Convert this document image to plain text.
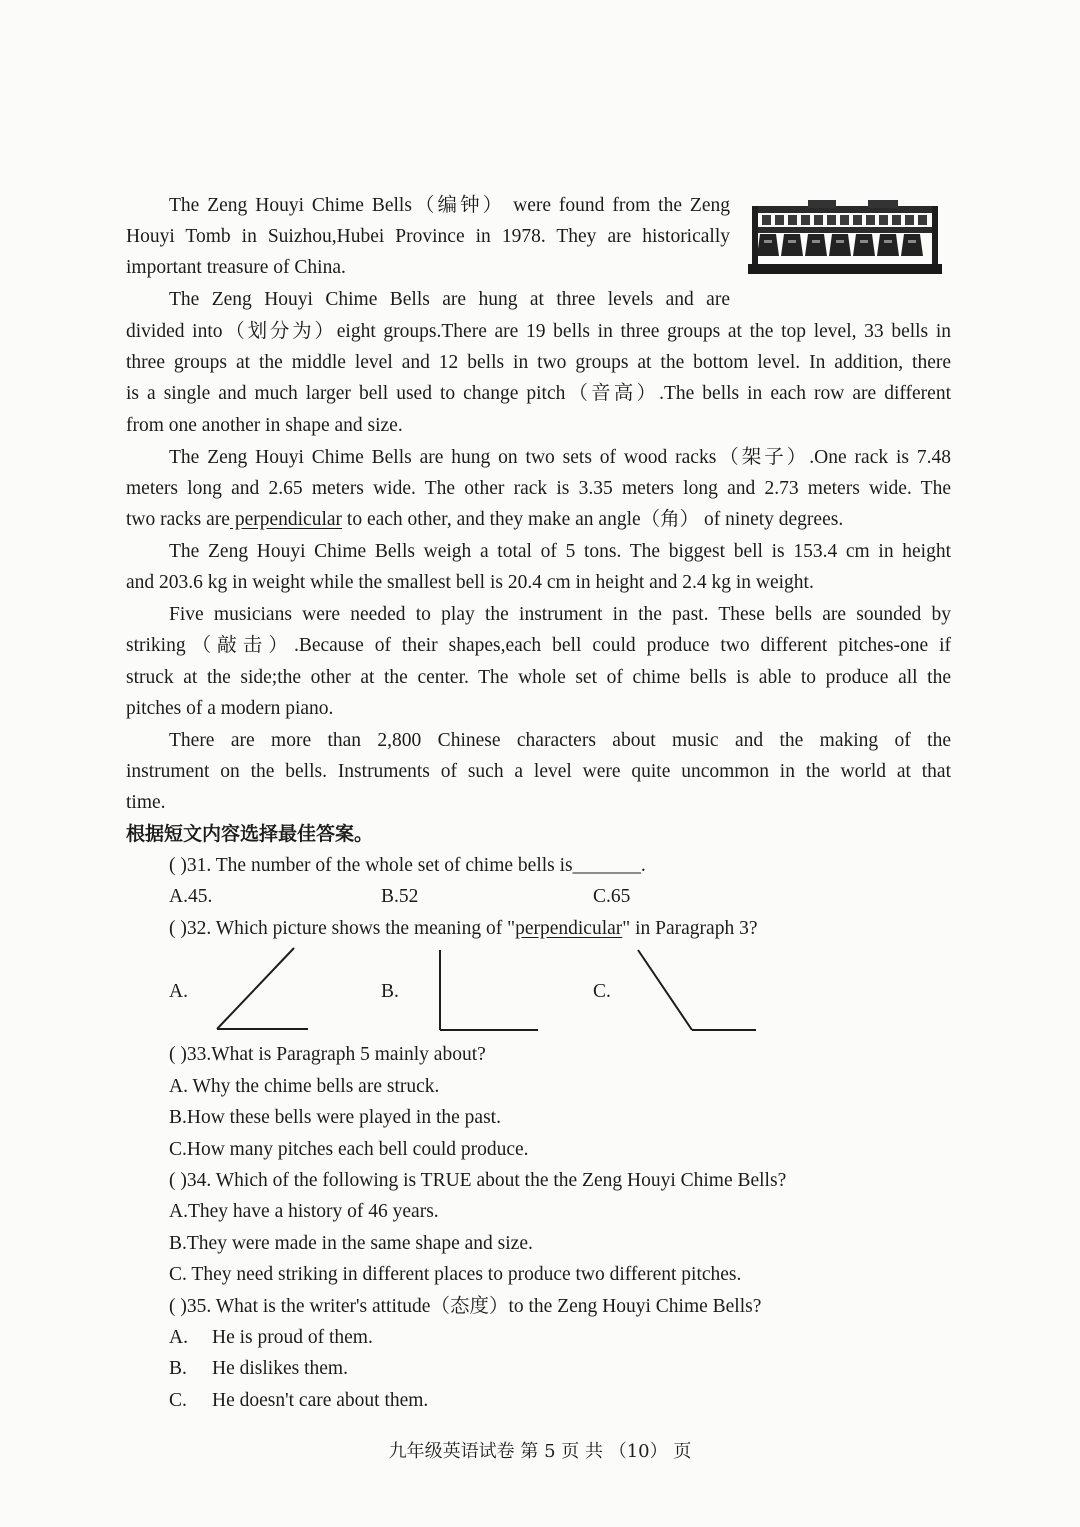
The Zeng Houyi Chime Bells（编钟） were found from the Zeng
Houyi Tomb in Suizhou,Hubei Province in 1978. They are historically
important treasure of China.
The Zeng Houyi Chime Bells are hung at three levels and are
divided into（划分为）eight groups.There are 19 bells in three groups at the top level, 33 bells in
three groups at the middle level and 12 bells in two groups at the bottom level. In addition, there
is a single and much larger bell used to change pitch（音高）.The bells in each row are different
from one another in shape and size.
The Zeng Houyi Chime Bells are hung on two sets of wood racks（架子）.One rack is 7.48
meters long and 2.65 meters wide. The other rack is 3.35 meters long and 2.73 meters wide. The
two racks are perpendicular to each other, and they make an angle（角） of ninety degrees.
The Zeng Houyi Chime Bells weigh a total of 5 tons. The biggest bell is 153.4 cm in height
and 203.6 kg in weight while the smallest bell is 20.4 cm in height and 2.4 kg in weight.
Five musicians were needed to play the instrument in the past. These bells are sounded by
striking（敲击）.Because of their shapes,each bell could produce two different pitches-one if
struck at the side;the other at the center. The whole set of chime bells is able to produce all the
pitches of a modern piano.
There are more than 2,800 Chinese characters about music and the making of the
instrument on the bells. Instruments of such a level were quite uncommon in the world at that
time.
根据短文内容选择最佳答案。
( )31. The number of the whole set of chime bells is_______.
A.45.	B.52	C.65
( )32. Which picture shows the meaning of "perpendicular" in Paragraph 3?
A.	B.	C.
( )33.What is Paragraph 5 mainly about?
A. Why the chime bells are struck.
B.How these bells were played in the past.
C.How many pitches each bell could produce.
( )34. Which of the following is TRUE about the the Zeng Houyi Chime Bells?
A.They have a history of 46 years.
B.They were made in the same shape and size.
C. They need striking in different places to produce two different pitches.
( )35. What is the writer's attitude（态度）to the Zeng Houyi Chime Bells?
A. He is proud of them.
B. He dislikes them.
C. He doesn't care about them.
九年级英语试卷 第 5 页 共 （10） 页
